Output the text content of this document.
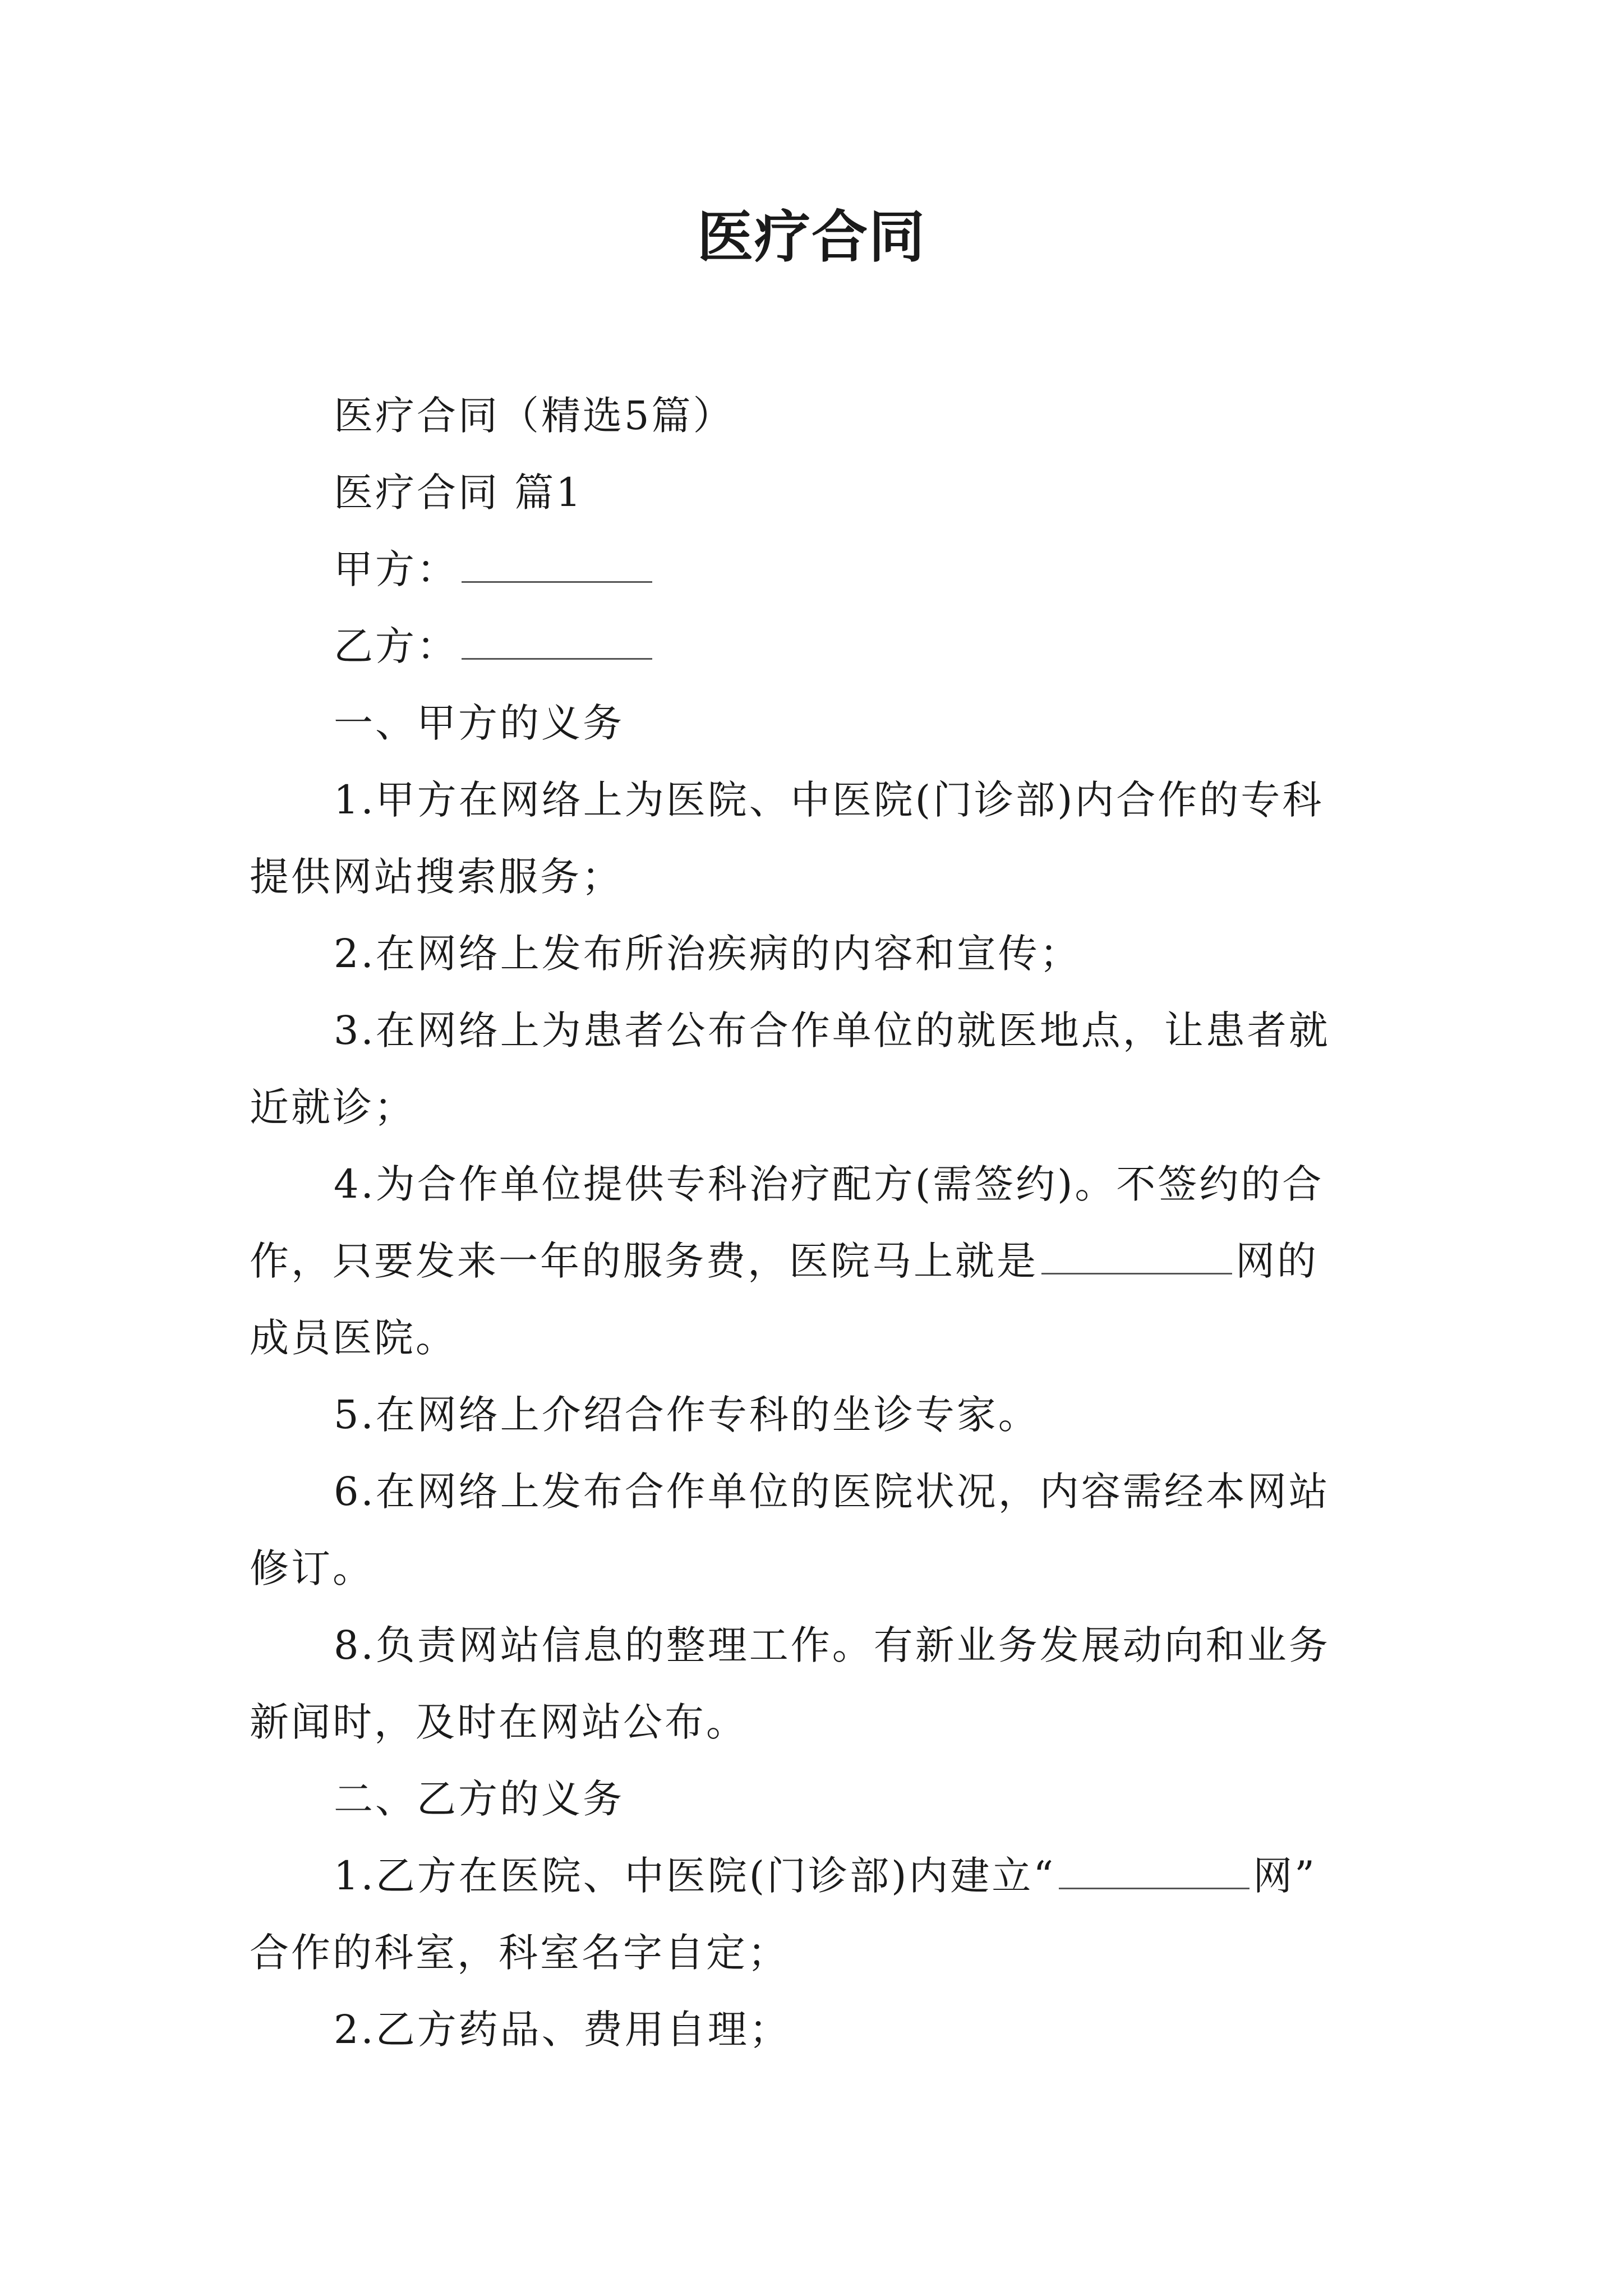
医疗合同
医疗合同（精选5篇）
医疗合同 篇1
甲方：
乙方：
一、甲方的义务
1.甲方在网络上为医院、中医院(门诊部)内合作的专科
提供网站搜索服务；
2.在网络上发布所治疾病的内容和宣传；
3.在网络上为患者公布合作单位的就医地点，让患者就
近就诊；
4.为合作单位提供专科治疗配方(需签约)。不签约的合
作，只要发来一年的服务费，医院马上就是	网的
成员医院。
5.在网络上介绍合作专科的坐诊专家。
6.在网络上发布合作单位的医院状况，内容需经本网站
修订。
8.负责网站信息的整理工作。有新业务发展动向和业务
新闻时，及时在网站公布。
二、乙方的义务
1.乙方在医院、中医院(门诊部)内建立“	网”
合作的科室，科室名字自定；
2.乙方药品、费用自理；
